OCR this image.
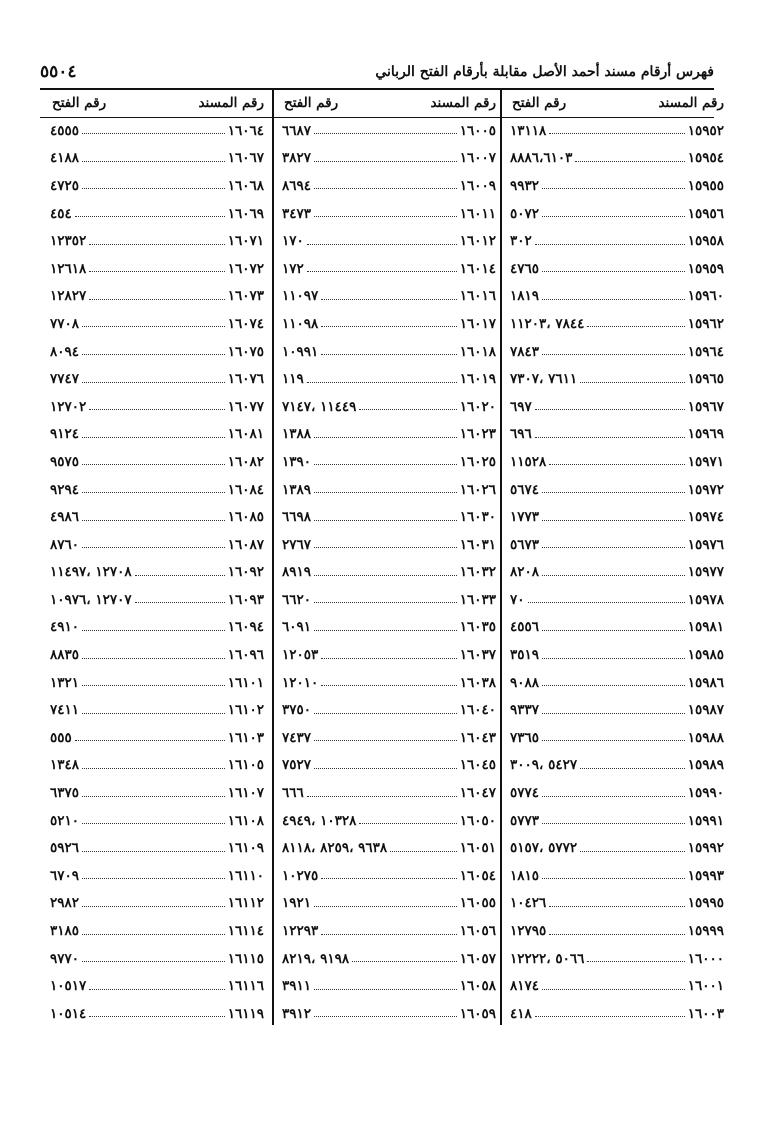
٥٥٠٤	فهرس أرقام مسند أحمد الأصل مقابلة بأرقام الفتح الرباني
رقم المسند
رقم الفتح
١٥٩٥٢
١٣١١٨
١٥٩٥٤
٨٨٨٦،٦١٠٣
١٥٩٥٥
٩٩٣٢
١٥٩٥٦
٥٠٧٢
١٥٩٥٨
٣٠٢
١٥٩٥٩
٤٧٦٥
١٥٩٦٠
١٨١٩
١٥٩٦٢
٧٨٤٤ ،١١٢٠٣
١٥٩٦٤
٧٨٤٣
١٥٩٦٥
٧٦١١ ،٧٣٠٧
١٥٩٦٧
٦٩٧
١٥٩٦٩
٦٩٦
١٥٩٧١
١١٥٢٨
١٥٩٧٢
٥٦٧٤
١٥٩٧٤
١٧٧٣
١٥٩٧٦
٥٦٧٣
١٥٩٧٧
٨٢٠٨
١٥٩٧٨
٧٠
١٥٩٨١
٤٥٥٦
١٥٩٨٥
٣٥١٩
١٥٩٨٦
٩٠٨٨
١٥٩٨٧
٩٣٣٧
١٥٩٨٨
٧٣٦٥
١٥٩٨٩
٥٤٢٧ ،٣٠٠٩
١٥٩٩٠
٥٧٧٤
١٥٩٩١
٥٧٧٣
١٥٩٩٢
٥٧٧٢ ،٥١٥٧
١٥٩٩٣
١٨١٥
١٥٩٩٥
١٠٤٢٦
١٥٩٩٩
١٢٧٩٥
١٦٠٠٠
٥٠٦٦ ،١٢٢٢٢
١٦٠٠١
٨١٧٤
١٦٠٠٣
٤١٨
رقم المسند
رقم الفتح
١٦٠٠٥
٦٦٨٧
١٦٠٠٧
٣٨٢٧
١٦٠٠٩
٨٦٩٤
١٦٠١١
٣٤٧٣
١٦٠١٢
١٧٠
١٦٠١٤
١٧٢
١٦٠١٦
١١٠٩٧
١٦٠١٧
١١٠٩٨
١٦٠١٨
١٠٩٩١
١٦٠١٩
١١٩
١٦٠٢٠
١١٤٤٩ ،٧١٤٧
١٦٠٢٣
١٣٨٨
١٦٠٢٥
١٣٩٠
١٦٠٢٦
١٣٨٩
١٦٠٣٠
٦٦٩٨
١٦٠٣١
٢٧٦٧
١٦٠٣٢
٨٩١٩
١٦٠٣٣
٦٦٢٠
١٦٠٣٥
٦٠٩١
١٦٠٣٧
١٢٠٥٣
١٦٠٣٨
١٢٠١٠
١٦٠٤٠
٣٧٥٠
١٦٠٤٣
٧٤٣٧
١٦٠٤٥
٧٥٢٧
١٦٠٤٧
٦٦٦
١٦٠٥٠
١٠٣٢٨ ،٤٩٤٩
١٦٠٥١
٩٦٣٨ ،٨٢٥٩ ،٨١١٨
١٦٠٥٤
١٠٢٧٥
١٦٠٥٥
١٩٢١
١٦٠٥٦
١٢٢٩٣
١٦٠٥٧
٩١٩٨ ،٨٢١٩
١٦٠٥٨
٣٩١١
١٦٠٥٩
٣٩١٢
رقم المسند
رقم الفتح
١٦٠٦٤
٤٥٥٥
١٦٠٦٧
٤١٨٨
١٦٠٦٨
٤٧٢٥
١٦٠٦٩
٤٥٤
١٦٠٧١
١٢٣٥٢
١٦٠٧٢
١٢٦١٨
١٦٠٧٣
١٢٨٢٧
١٦٠٧٤
٧٧٠٨
١٦٠٧٥
٨٠٩٤
١٦٠٧٦
٧٧٤٧
١٦٠٧٧
١٢٧٠٢
١٦٠٨١
٩١٢٤
١٦٠٨٢
٩٥٧٥
١٦٠٨٤
٩٢٩٤
١٦٠٨٥
٤٩٨٦
١٦٠٨٧
٨٧٦٠
١٦٠٩٢
١٢٧٠٨ ،١١٤٩٧
١٦٠٩٣
١٢٧٠٧ ،١٠٩٧٦
١٦٠٩٤
٤٩١٠
١٦٠٩٦
٨٨٣٥
١٦١٠١
١٣٢١
١٦١٠٢
٧٤١١
١٦١٠٣
٥٥٥
١٦١٠٥
١٣٤٨
١٦١٠٧
٦٣٧٥
١٦١٠٨
٥٢١٠
١٦١٠٩
٥٩٢٦
١٦١١٠
٦٧٠٩
١٦١١٢
٢٩٨٢
١٦١١٤
٣١٨٥
١٦١١٥
٩٧٧٠
١٦١١٦
١٠٥١٧
١٦١١٩
١٠٥١٤
